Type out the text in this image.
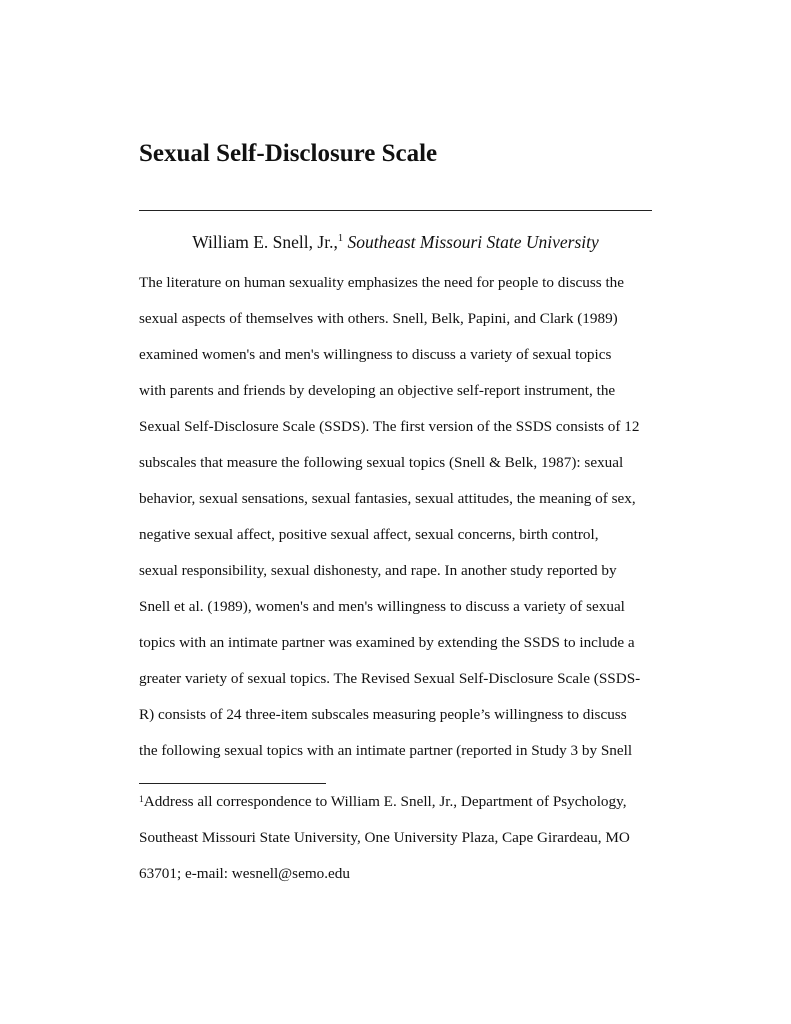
Sexual Self-Disclosure Scale
William E. Snell, Jr.,$^1$ Southeast Missouri State University
The literature on human sexuality emphasizes the need for people to discuss the
sexual aspects of themselves with others. Snell, Belk, Papini, and Clark (1989)
examined women's and men's willingness to discuss a variety of sexual topics
with parents and friends by developing an objective self-report instrument, the
Sexual Self-Disclosure Scale (SSDS). The first version of the SSDS consists of 12
subscales that measure the following sexual topics (Snell & Belk, 1987): sexual
behavior, sexual sensations, sexual fantasies, sexual attitudes, the meaning of sex,
negative sexual affect, positive sexual affect, sexual concerns, birth control,
sexual responsibility, sexual dishonesty, and rape. In another study reported by
Snell et al. (1989), women's and men's willingness to discuss a variety of sexual
topics with an intimate partner was examined by extending the SSDS to include a
greater variety of sexual topics. The Revised Sexual Self-Disclosure Scale (SSDS-
R) consists of 24 three-item subscales measuring people’s willingness to discuss
the following sexual topics with an intimate partner (reported in Study 3 by Snell
$^1$Address all correspondence to William E. Snell, Jr., Department of Psychology,
Southeast Missouri State University, One University Plaza, Cape Girardeau, MO
63701; e-mail: wesnell@semo.edu
